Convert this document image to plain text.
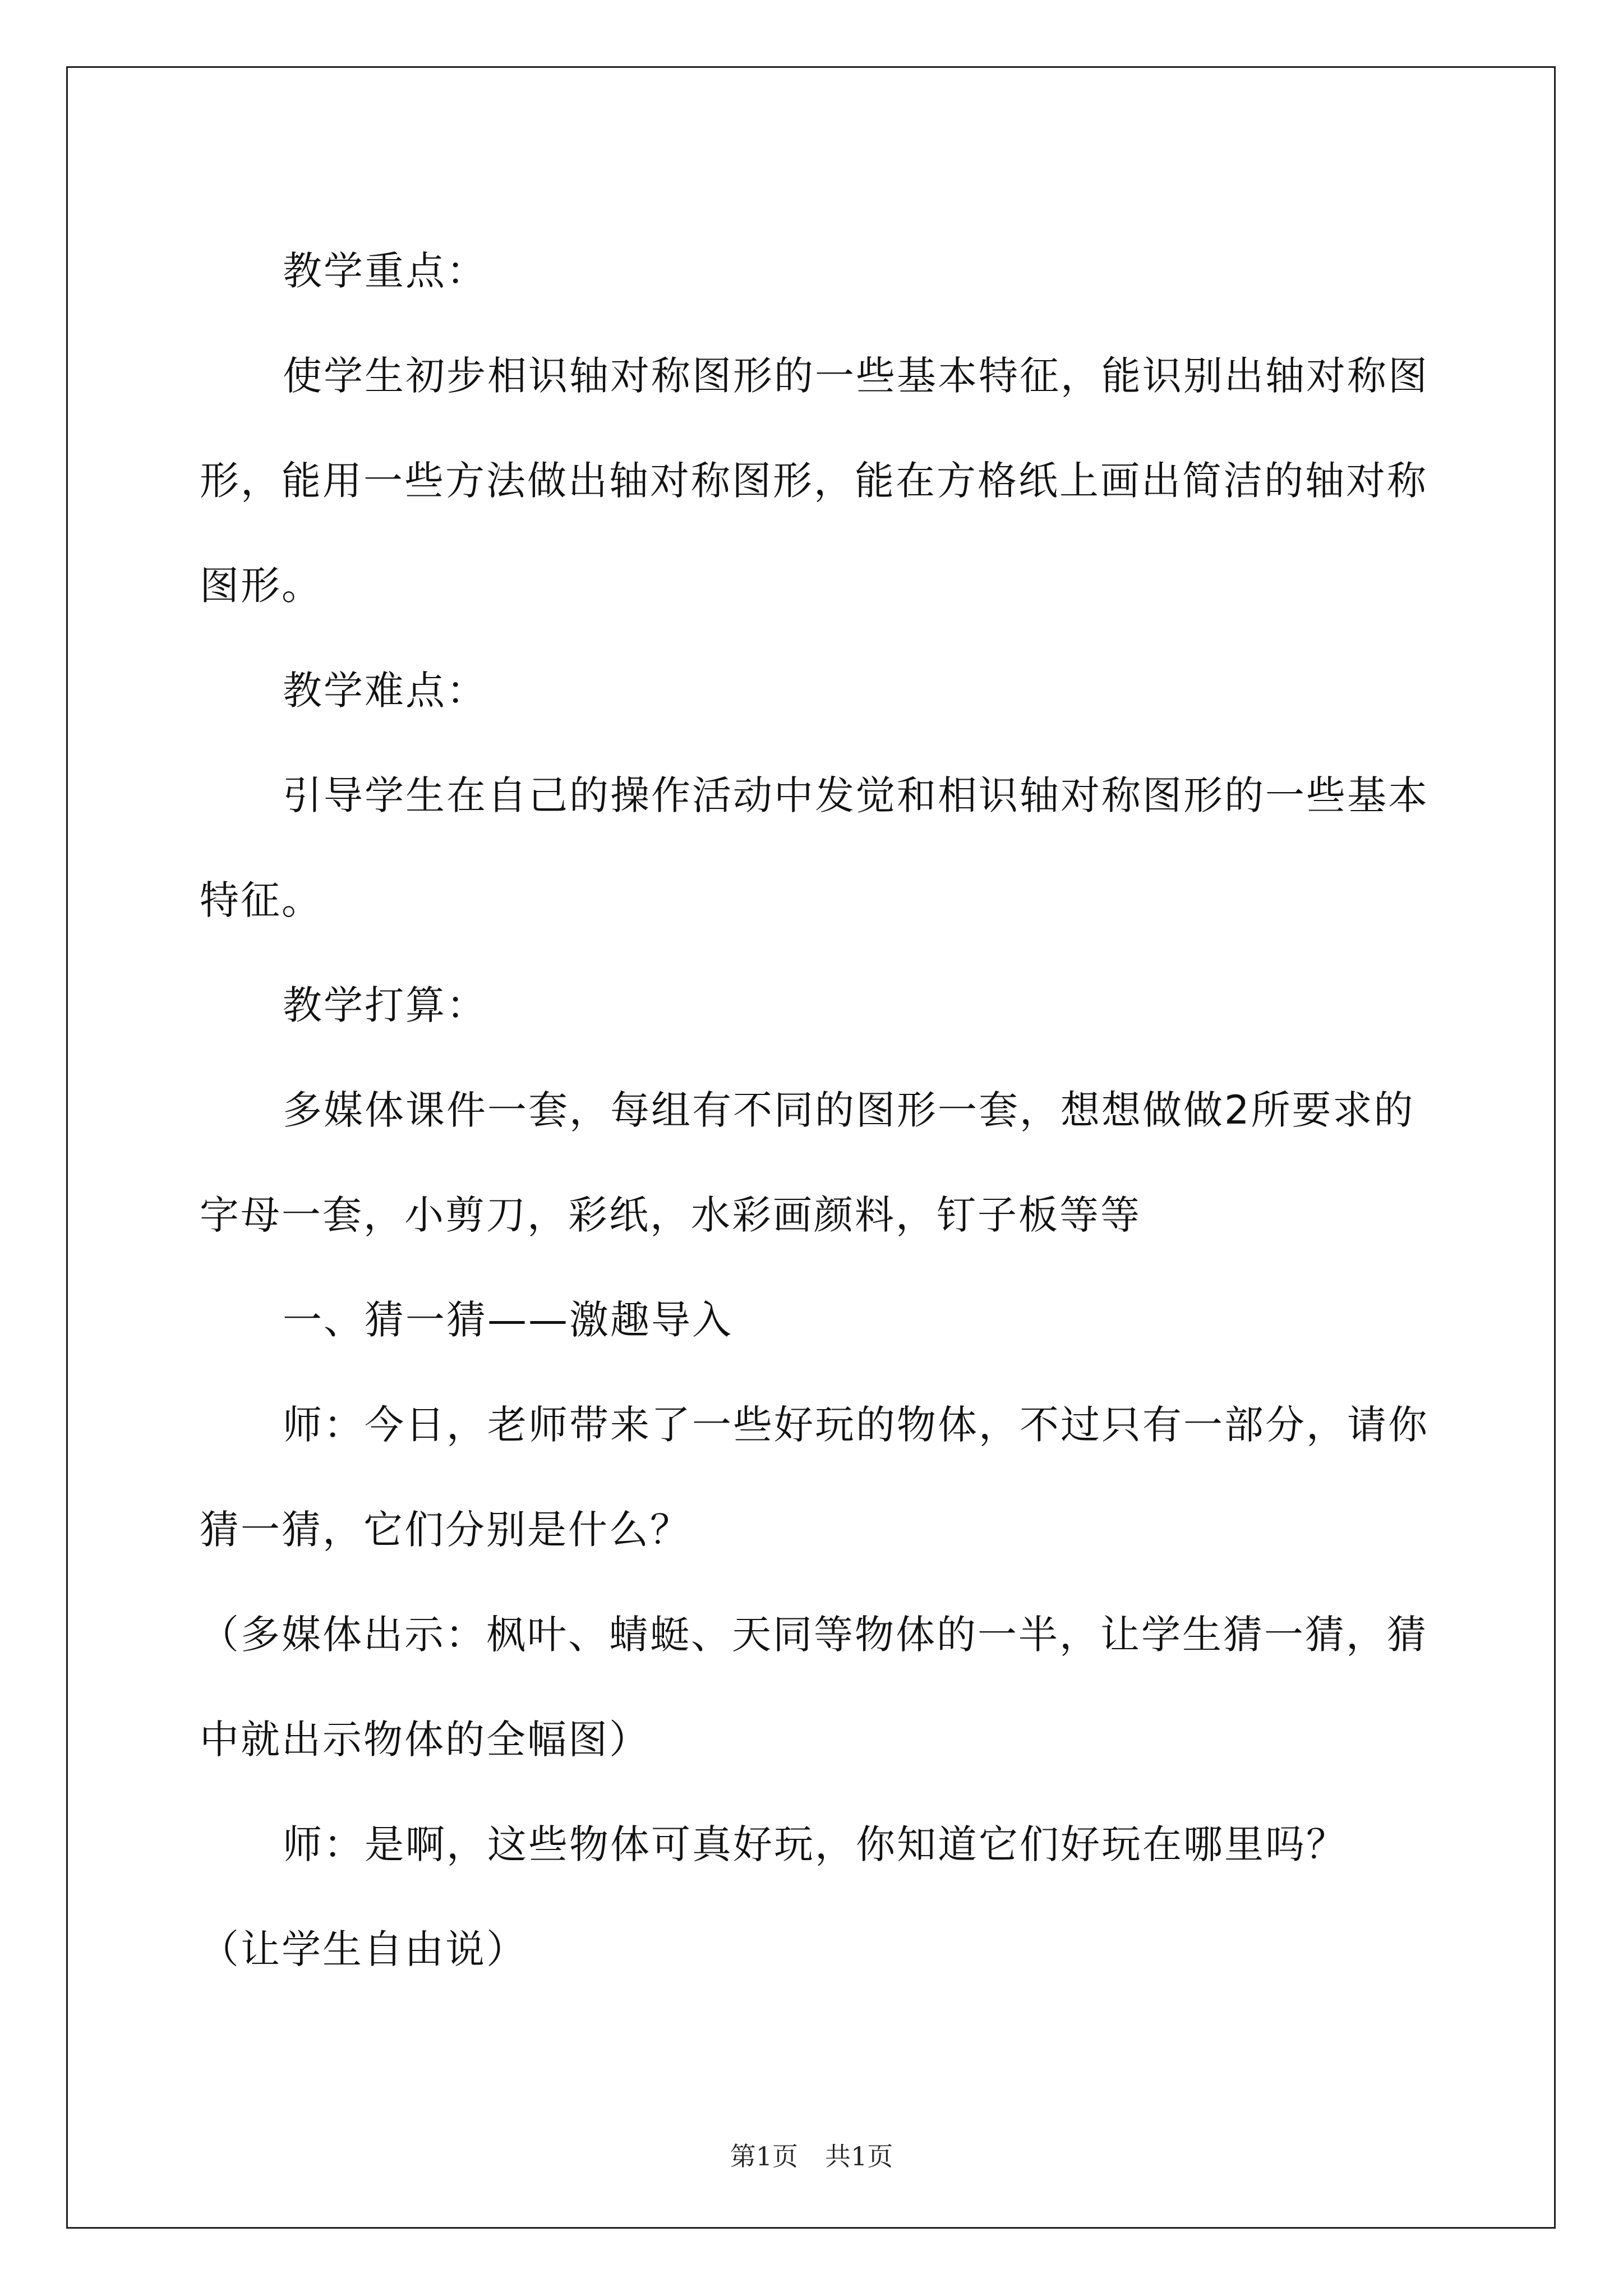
教学重点：

使学生初步相识轴对称图形的一些基本特征，能识别出轴对称图形，能用一些方法做出轴对称图形，能在方格纸上画出简洁的轴对称图形。

教学难点：

引导学生在自己的操作活动中发觉和相识轴对称图形的一些基本特征。

教学打算：

多媒体课件一套，每组有不同的图形一套，想想做做2所要求的字母一套，小剪刀，彩纸，水彩画颜料，钉子板等等

一、猜一猜——激趣导入

师：今日，老师带来了一些好玩的物体，不过只有一部分，请你猜一猜，它们分别是什么？

（多媒体出示：枫叶、蜻蜓、天同等物体的一半，让学生猜一猜，猜中就出示物体的全幅图）

师：是啊，这些物体可真好玩，你知道它们好玩在哪里吗？

（让学生自由说）

第1页 共1页
